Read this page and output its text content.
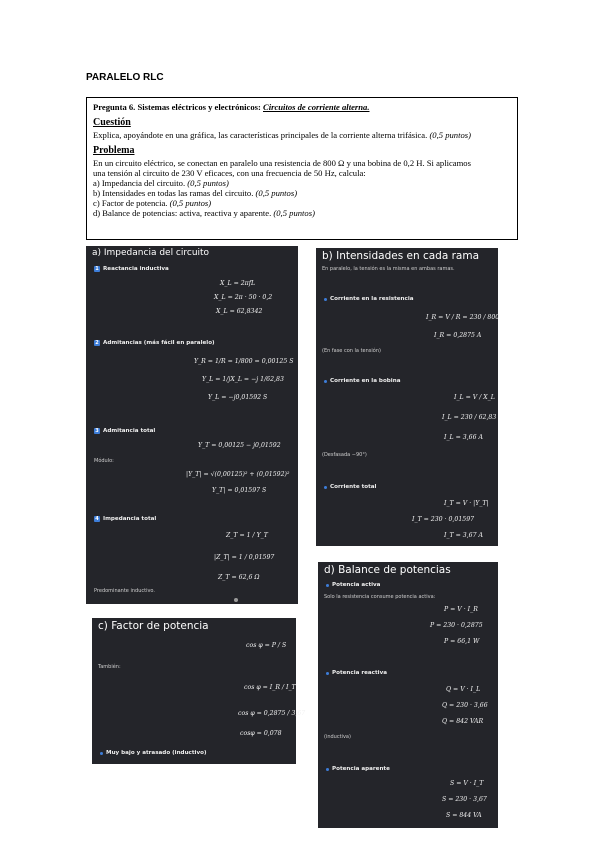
PARALELO RLC
Pregunta 6. Sistemas eléctricos y electrónicos: Circuitos de corriente alterna.
Cuestión
Explica, apoyándote en una gráfica, las características principales de la corriente alterna trifásica. (0,5 puntos)
Problema
En un circuito eléctrico, se conectan en paralelo una resistencia de 800 Ω y una bobina de 0,2 H. Si aplicamos
una tensión al circuito de 230 V eficaces, con una frecuencia de 50 Hz, calcula:
a) Impedancia del circuito. (0,5 puntos)
b) Intensidades en todas las ramas del circuito. (0,5 puntos)
c) Factor de potencia. (0,5 puntos)
d) Balance de potencias: activa, reactiva y aparente. (0,5 puntos)
a) Impedancia del circuito
1 Reactancia inductiva
X_L = 2πfL
X_L = 2π · 50 · 0,2
X_L = 62,8342
2 Admitancias (más fácil en paralelo)
Y_R = 1/R = 1/800 = 0,00125 S
Y_L = 1/jX_L = −j 1/62,83
Y_L = −j0,01592 S
3 Admitancia total
Y_T = 0,00125 − j0,01592
Módulo:
|Y_T| = √(0,00125)² + (0,01592)²
Y_T| = 0,01597 S
4 Impedancia total
Z_T = 1 / Y_T
|Z_T| = 1 / 0,01597
Z_T = 62,6 Ω
Predominante inductivo.
b) Intensidades en cada rama
En paralelo, la tensión es la misma en ambas ramas.
Corriente en la resistencia
I_R = V / R = 230 / 800
I_R = 0,2875 A
(En fase con la tensión)
Corriente en la bobina
I_L = V / X_L
I_L = 230 / 62,83
I_L = 3,66 A
(Desfasada −90°)
Corriente total
I_T = V · |Y_T|
I_T = 230 · 0,01597
I_T = 3,67 A
c) Factor de potencia
cos φ = P / S
También:
cos φ = I_R / I_T
cos φ = 0,2875 / 3,67
cosφ = 0,078
Muy bajo y atrasado (inductivo)
d) Balance de potencias
Potencia activa
Solo la resistencia consume potencia activa:
P = V · I_R
P = 230 · 0,2875
P = 66,1 W
Potencia reactiva
Q = V · I_L
Q = 230 · 3,66
Q = 842 VAR
(inductiva)
Potencia aparente
S = V · I_T
S = 230 · 3,67
S = 844 VA
